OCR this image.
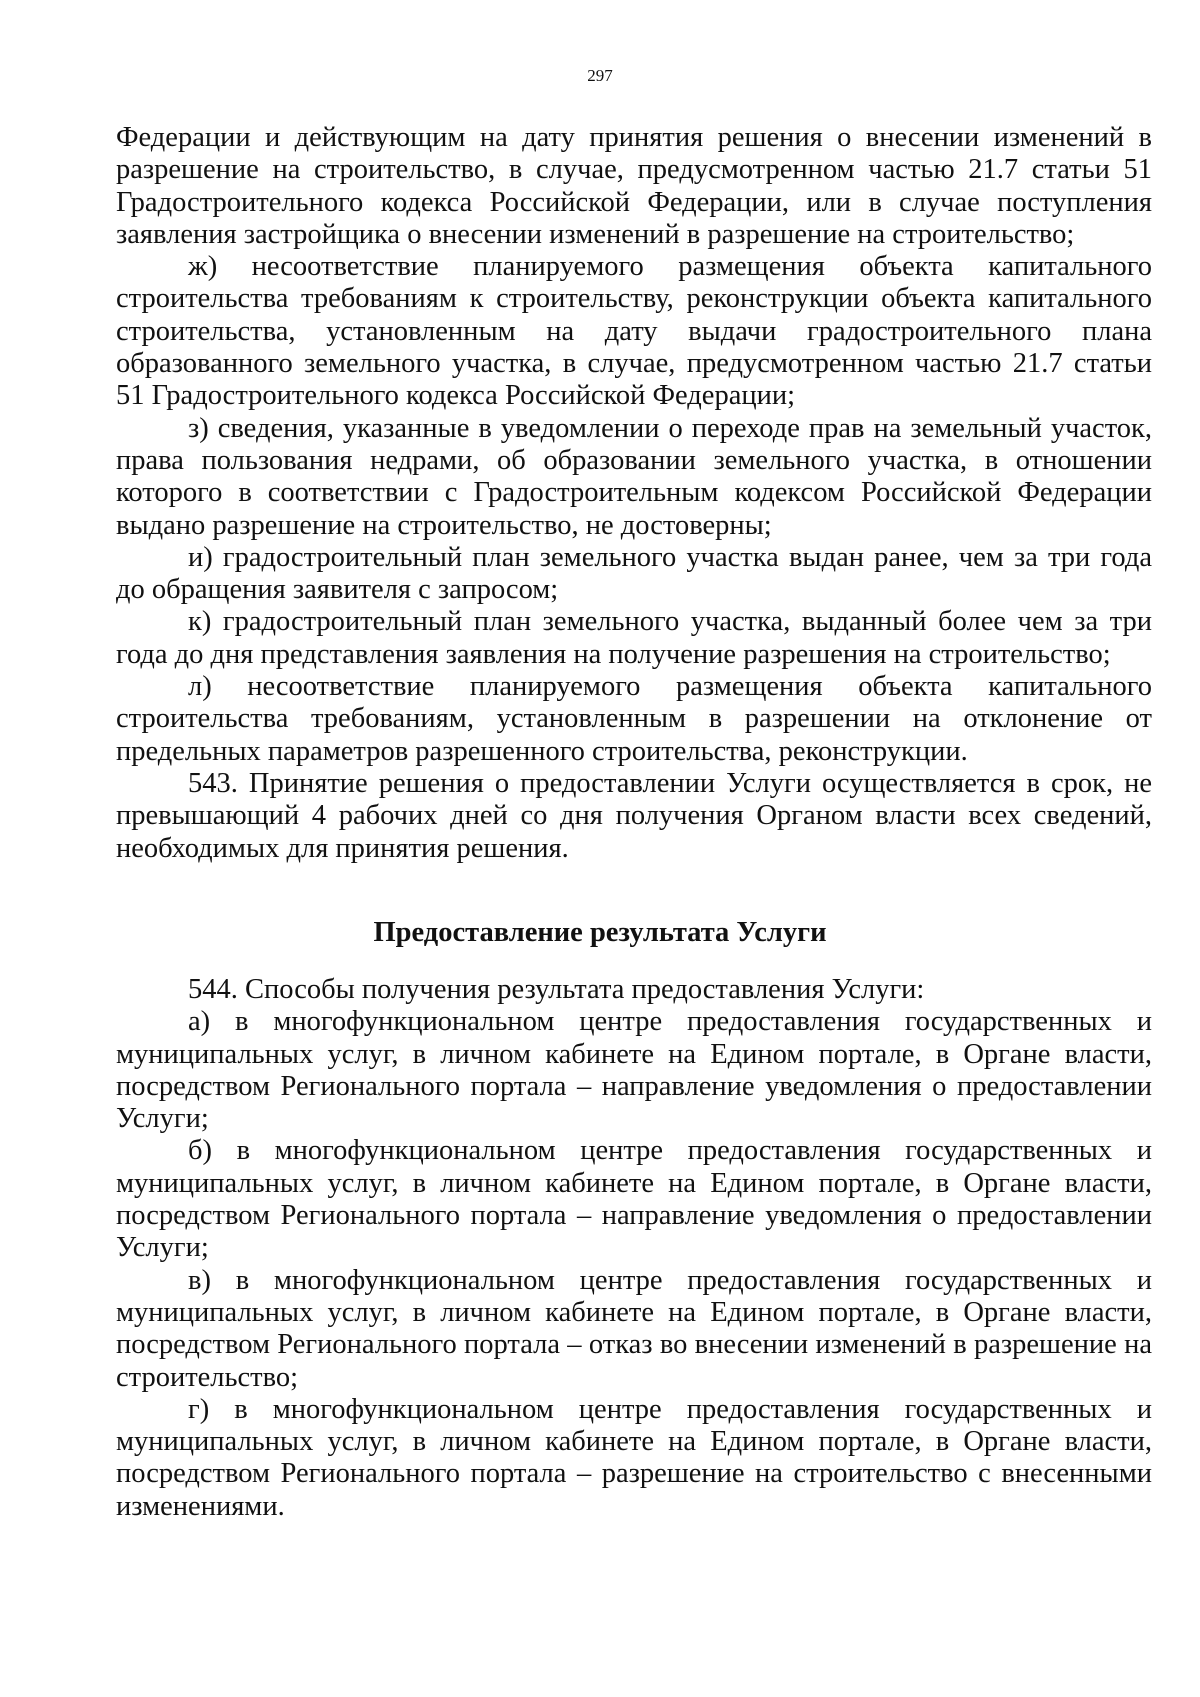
297

Федерации и действующим на дату принятия решения о внесении изменений в разрешение на строительство, в случае, предусмотренном частью 21.7 статьи 51 Градостроительного кодекса Российской Федерации, или в случае поступления заявления застройщика о внесении изменений в разрешение на строительство;

ж) несоответствие планируемого размещения объекта капитального строительства требованиям к строительству, реконструкции объекта капитального строительства, установленным на дату выдачи градостроительного плана образованного земельного участка, в случае, предусмотренном частью 21.7 статьи 51 Градостроительного кодекса Российской Федерации;

з) сведения, указанные в уведомлении о переходе прав на земельный участок, права пользования недрами, об образовании земельного участка, в отношении которого в соответствии с Градостроительным кодексом Российской Федерации выдано разрешение на строительство, не достоверны;

и) градостроительный план земельного участка выдан ранее, чем за три года до обращения заявителя с запросом;

к) градостроительный план земельного участка, выданный более чем за три года до дня представления заявления на получение разрешения на строительство;

л) несоответствие планируемого размещения объекта капитального строительства требованиям, установленным в разрешении на отклонение от предельных параметров разрешенного строительства, реконструкции.

543. Принятие решения о предоставлении Услуги осуществляется в срок, не превышающий 4 рабочих дней со дня получения Органом власти всех сведений, необходимых для принятия решения.

Предоставление результата Услуги

544. Способы получения результата предоставления Услуги:

а) в многофункциональном центре предоставления государственных и муниципальных услуг, в личном кабинете на Едином портале, в Органе власти, посредством Регионального портала – направление уведомления о предоставлении Услуги;

б) в многофункциональном центре предоставления государственных и муниципальных услуг, в личном кабинете на Едином портале, в Органе власти, посредством Регионального портала – направление уведомления о предоставлении Услуги;

в) в многофункциональном центре предоставления государственных и муниципальных услуг, в личном кабинете на Едином портале, в Органе власти, посредством Регионального портала – отказ во внесении изменений в разрешение на строительство;

г) в многофункциональном центре предоставления государственных и муниципальных услуг, в личном кабинете на Едином портале, в Органе власти, посредством Регионального портала – разрешение на строительство с внесенными изменениями.
